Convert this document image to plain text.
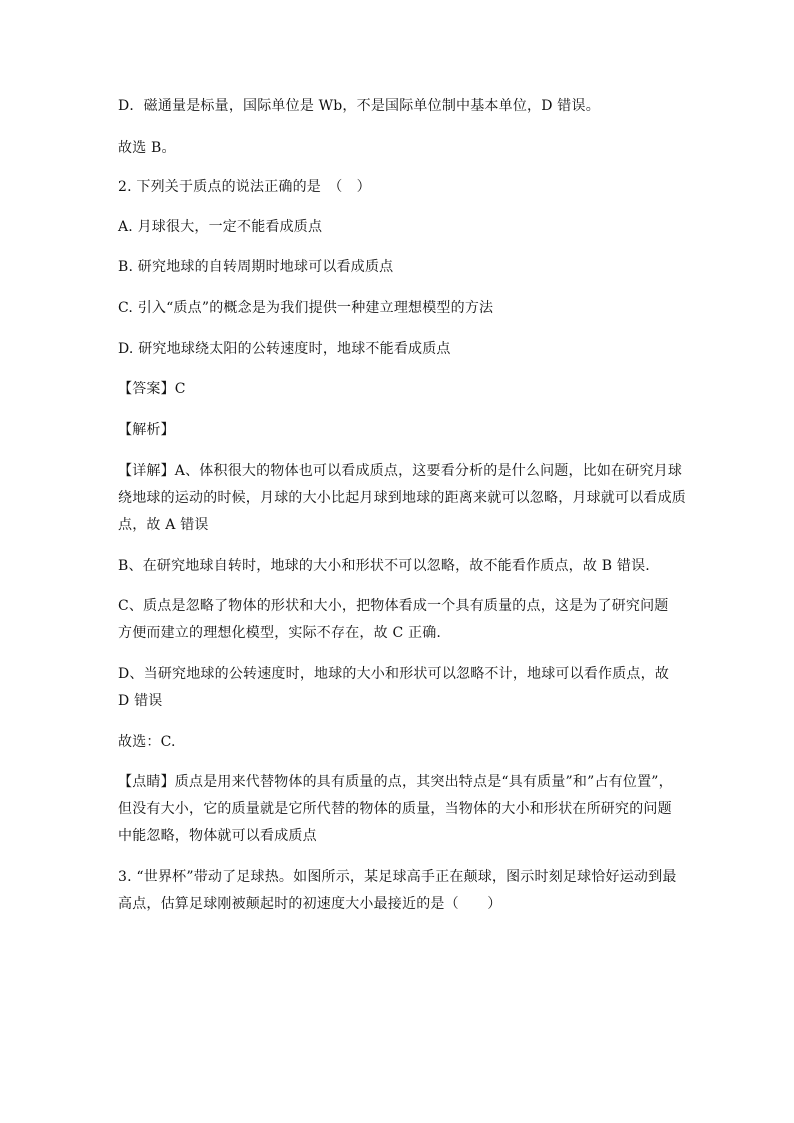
D．磁通量是标量，国际单位是 Wb，不是国际单位制中基本单位，D 错误。
故选 B。
2. 下列关于质点的说法正确的是　（　）
A. 月球很大，一定不能看成质点
B. 研究地球的自转周期时地球可以看成质点
C. 引入“质点”的概念是为我们提供一种建立理想模型的方法
D. 研究地球绕太阳的公转速度时，地球不能看成质点
【答案】C
【解析】
【详解】A、体积很大的物体也可以看成质点，这要看分析的是什么问题，比如在研究月球
绕地球的运动的时候，月球的大小比起月球到地球的距离来就可以忽略，月球就可以看成质
点，故 A 错误
B、在研究地球自转时，地球的大小和形状不可以忽略，故不能看作质点，故 B 错误.
C、质点是忽略了物体的形状和大小，把物体看成一个具有质量的点，这是为了研究问题
方便而建立的理想化模型，实际不存在，故 C 正确.
D、当研究地球的公转速度时，地球的大小和形状可以忽略不计，地球可以看作质点，故
D 错误
故选：C.
【点睛】质点是用来代替物体的具有质量的点，其突出特点是“具有质量”和”占有位置”，
但没有大小，它的质量就是它所代替的物体的质量，当物体的大小和形状在所研究的问题
中能忽略，物体就可以看成质点
3. “世界杯”带动了足球热。如图所示，某足球高手正在颠球，图示时刻足球恰好运动到最
高点，估算足球刚被颠起时的初速度大小最接近的是（　　）
